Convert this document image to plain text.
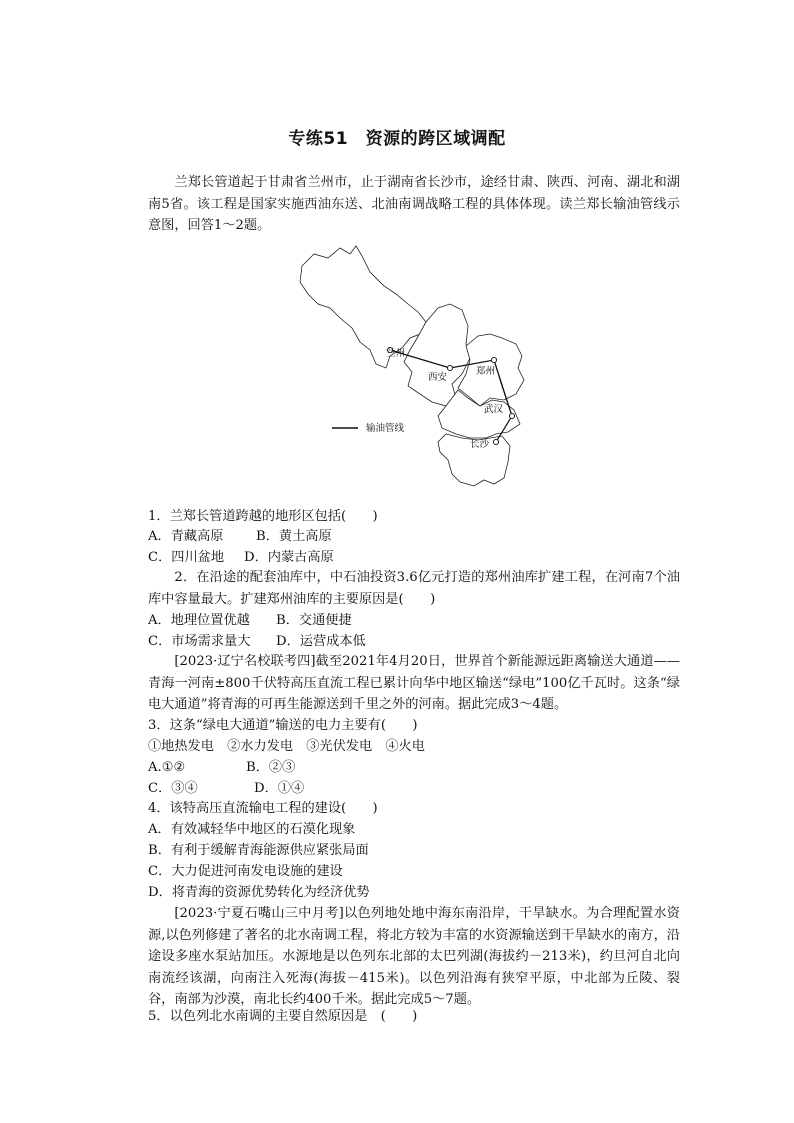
专练51　资源的跨区域调配

兰郑长管道起于甘肃省兰州市，止于湖南省长沙市，途经甘肃、陕西、河南、湖北和湖南5省。该工程是国家实施西油东送、北油南调战略工程的具体体现。读兰郑长输油管线示意图，回答1～2题。

兰州
西安
郑州
武汉
长沙
输油管线
1．兰郑长管道跨越的地形区包括(　　)
A．青藏高原 B．黄土高原
C．四川盆地 D．内蒙古高原

2．在沿途的配套油库中，中石油投资3.6亿元打造的郑州油库扩建工程，在河南7个油库中容量最大。扩建郑州油库的主要原因是(　　)

A．地理位置优越 B．交通便捷
C．市场需求量大 D．运营成本低

[2023·辽宁名校联考四]截至2021年4月20日，世界首个新能源远距离输送大通道——青海一河南±800千伏特高压直流工程已累计向华中地区输送“绿电”100亿千瓦时。这条“绿电大通道”将青海的可再生能源送到千里之外的河南。据此完成3～4题。

3．这条“绿电大通道”输送的电力主要有(　　)
①地热发电　②水力发电　③光伏发电　④火电
A.①②	B．②③
C．③④	D．①④
4．该特高压直流输电工程的建设(　　)
A．有效减轻华中地区的石漠化现象
B．有利于缓解青海能源供应紧张局面
C．大力促进河南发电设施的建设
D．将青海的资源优势转化为经济优势

[2023·宁夏石嘴山三中月考]以色列地处地中海东南沿岸，干旱缺水。为合理配置水资源,以色列修建了著名的北水南调工程，将北方较为丰富的水资源输送到干旱缺水的南方，沿途设多座水泵站加压。水源地是以色列东北部的太巴列湖(海拔约－213米)，约旦河自北向南流经该湖，向南注入死海(海拔－415米)。以色列沿海有狭窄平原，中北部为丘陵、裂谷，南部为沙漠，南北长约400千米。据此完成5～7题。

5．以色列北水南调的主要自然原因是　(　　)
